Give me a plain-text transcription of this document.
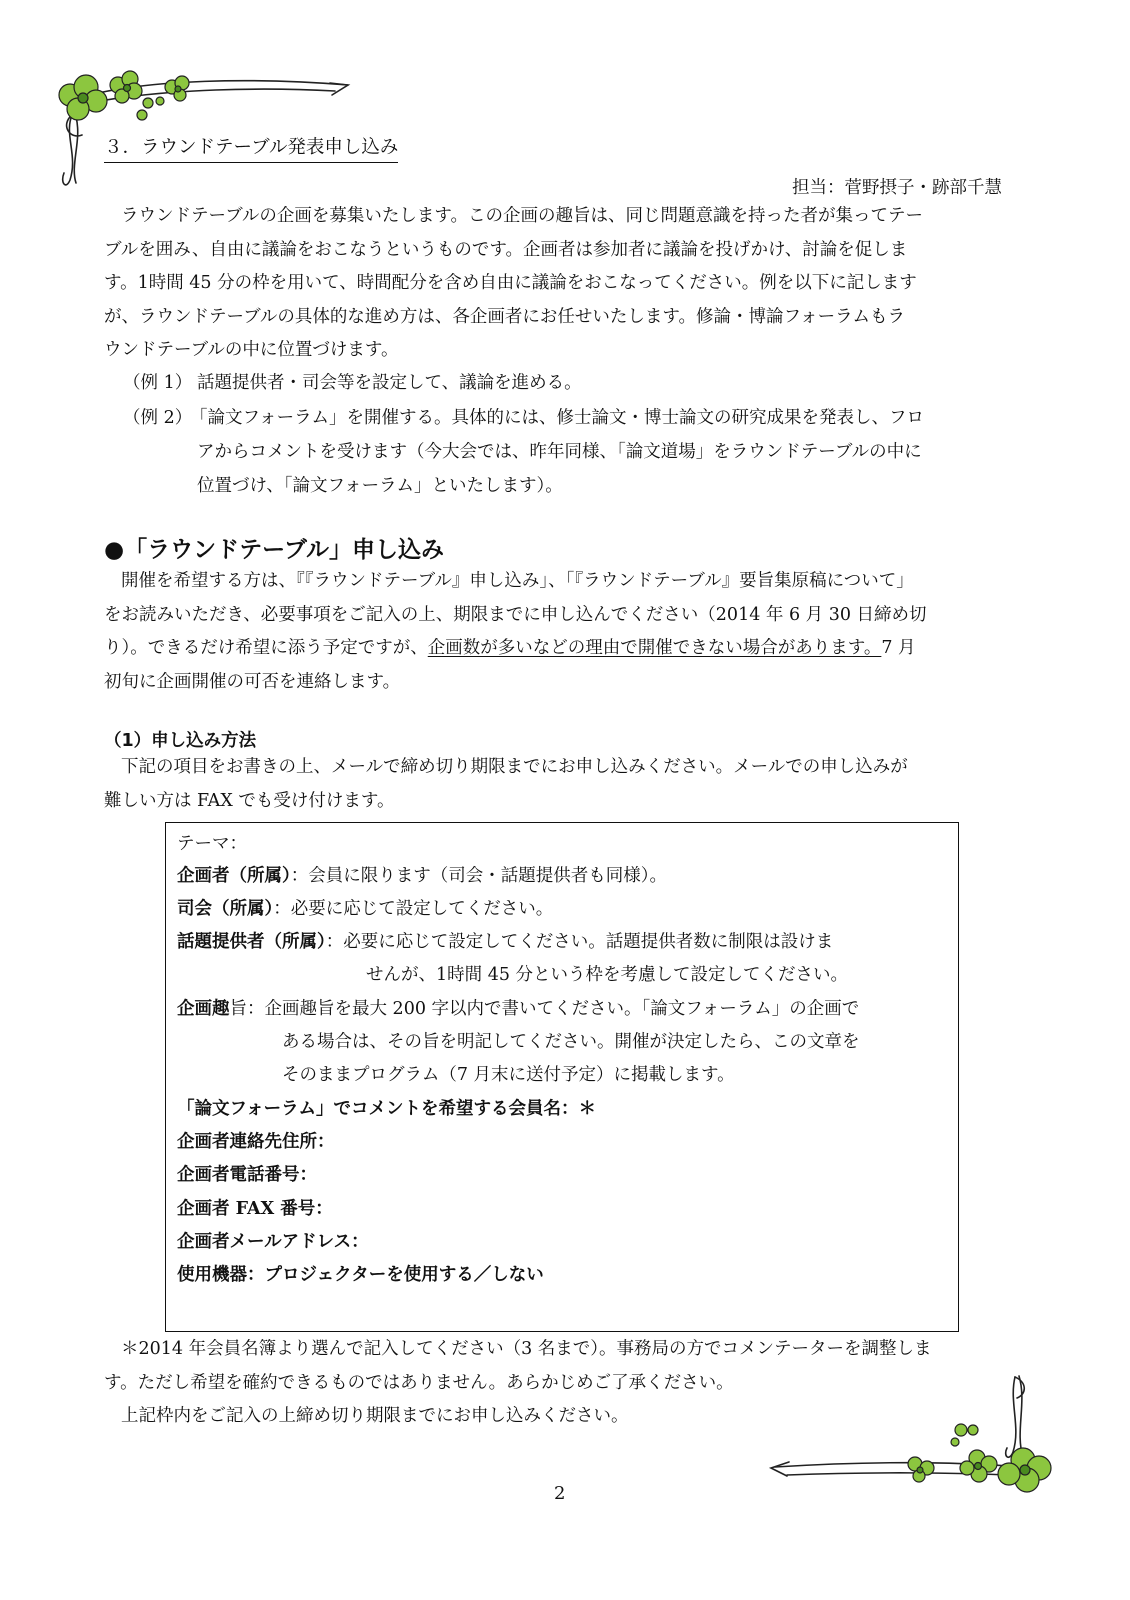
３．ラウンドテーブル発表申し込み
担当：菅野摂子・跡部千慧
ラウンドテーブルの企画を募集いたします。この企画の趣旨は、同じ問題意識を持った者が集ってテー
ブルを囲み、自由に議論をおこなうというものです。企画者は参加者に議論を投げかけ、討論を促しま
す。1時間 45 分の枠を用いて、時間配分を含め自由に議論をおこなってください。例を以下に記します
が、ラウンドテーブルの具体的な進め方は、各企画者にお任せいたします。修論・博論フォーラムもラ
ウンドテーブルの中に位置づけます。
（例 1） 話題提供者・司会等を設定して、議論を進める。
（例 2）
「論文フォーラム」を開催する。具体的には、修士論文・博士論文の研究成果を発表し、フロ
アからコメントを受けます（今大会では、昨年同様、「論文道場」をラウンドテーブルの中に
位置づけ、「論文フォーラム」といたします）。
●「ラウンドテーブル」申し込み
開催を希望する方は、『『ラウンドテーブル』申し込み」、「『ラウンドテーブル』要旨集原稿について」
をお読みいただき、必要事項をご記入の上、期限までに申し込んでください（2014 年 6 月 30 日締め切
り）。できるだけ希望に添う予定ですが、企画数が多いなどの理由で開催できない場合があります。7 月
初旬に企画開催の可否を連絡します。
（1）申し込み方法
下記の項目をお書きの上、メールで締め切り期限までにお申し込みください。メールでの申し込みが
難しい方は FAX でも受け付けます。
テーマ：
企画者（所属）：会員に限ります（司会・話題提供者も同様）。
司会（所属）：必要に応じて設定してください。
話題提供者（所属）：必要に応じて設定してください。話題提供者数に制限は設けま
せんが、1時間 45 分という枠を考慮して設定してください。
企画趣旨：企画趣旨を最大 200 字以内で書いてください。「論文フォーラム」の企画で
ある場合は、その旨を明記してください。開催が決定したら、この文章を
そのままプログラム（7 月末に送付予定）に掲載します。
「論文フォーラム」でコメントを希望する会員名：＊
企画者連絡先住所：
企画者電話番号：
企画者 FAX 番号：
企画者メールアドレス：
使用機器：プロジェクターを使用する／しない
＊2014 年会員名簿より選んで記入してください（3 名まで）。事務局の方でコメンテーターを調整しま
す。ただし希望を確約できるものではありません。あらかじめご了承ください。
上記枠内をご記入の上締め切り期限までにお申し込みください。
2
